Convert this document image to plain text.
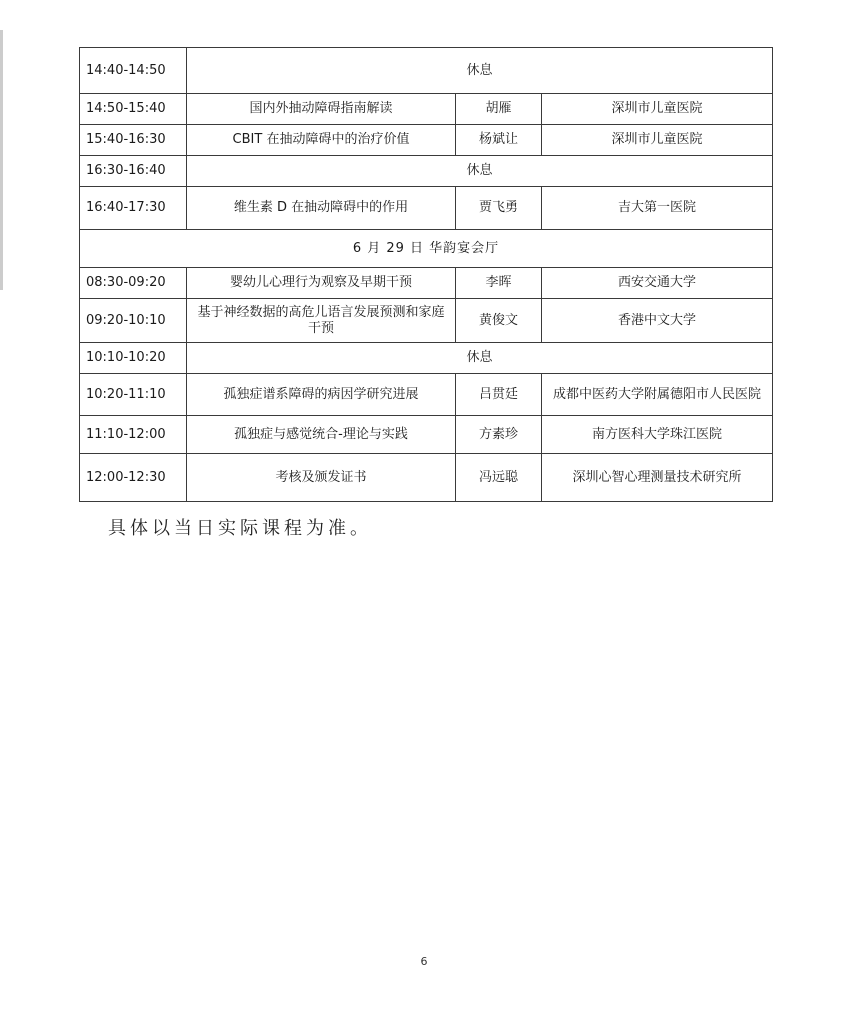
14:40-14:50	休息		
14:50-15:40	国内外抽动障碍指南解读	胡雁	深圳市儿童医院
15:40-16:30	CBIT 在抽动障碍中的治疗价值	杨斌让	深圳市儿童医院
16:30-16:40	休息		
16:40-17:30	维生素 D 在抽动障碍中的作用	贾飞勇	吉大第一医院
6 月 29 日 华韵宴会厅			
08:30-09:20	婴幼儿心理行为观察及早期干预	李晖	西安交通大学
09:20-10:10	基于神经数据的高危儿语言发展预测和家庭干预	黄俊文	香港中文大学
10:10-10:20	休息		
10:20-11:10	孤独症谱系障碍的病因学研究进展	吕贯廷	成都中医药大学附属德阳市人民医院
11:10-12:00	孤独症与感觉统合-理论与实践	方素珍	南方医科大学珠江医院
12:00-12:30	考核及颁发证书	冯远聪	深圳心智心理测量技术研究所
具体以当日实际课程为准。
6
